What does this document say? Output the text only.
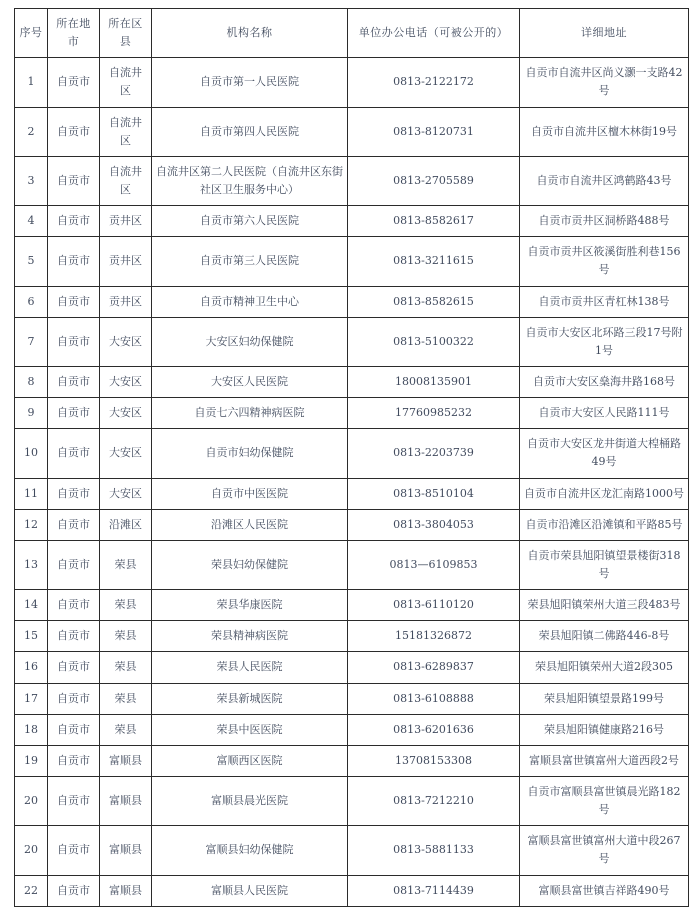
序号	所在地市	所在区县	机构名称	单位办公电话（可被公开的）	详细地址
1	自贡市	自流井区	自贡市第一人民医院	0813-2122172	自贡市自流井区尚义灏一支路42号
2	自贡市	自流井区	自贡市第四人民医院	0813-8120731	自贡市自流井区檀木林街19号
3	自贡市	自流井区	自流井区第二人民医院（自流井区东街社区卫生服务中心）	0813-2705589	自贡市自流井区鸿鹤路43号
4	自贡市	贡井区	自贡市第六人民医院	0813-8582617	自贡市贡井区洞桥路488号
5	自贡市	贡井区	自贡市第三人民医院	0813-3211615	自贡市贡井区筱溪街胜利巷156号
6	自贡市	贡井区	自贡市精神卫生中心	0813-8582615	自贡市贡井区青杠林138号
7	自贡市	大安区	大安区妇幼保健院	0813-5100322	自贡市大安区北环路三段17号附1号
8	自贡市	大安区	大安区人民医院	18008135901	自贡市大安区燊海井路168号
9	自贡市	大安区	自贡七六四精神病医院	17760985232	自贡市大安区人民路111号
10	自贡市	大安区	自贡市妇幼保健院	0813-2203739	自贡市大安区龙井街道大楻桶路49号
11	自贡市	大安区	自贡市中医医院	0813-8510104	自贡市自流井区龙汇南路1000号
12	自贡市	沿滩区	沿滩区人民医院	0813-3804053	自贡市沿滩区沿滩镇和平路85号
13	自贡市	荣县	荣县妇幼保健院	0813—6109853	自贡市荣县旭阳镇望景楼街318号
14	自贡市	荣县	荣县华康医院	0813-6110120	荣县旭阳镇荣州大道三段483号
15	自贡市	荣县	荣县精神病医院	15181326872	荣县旭阳镇二佛路446-8号
16	自贡市	荣县	荣县人民医院	0813-6289837	荣县旭阳镇荣州大道2段305
17	自贡市	荣县	荣县新城医院	0813-6108888	荣县旭阳镇望景路199号
18	自贡市	荣县	荣县中医医院	0813-6201636	荣县旭阳镇健康路216号
19	自贡市	富顺县	富顺西区医院	13708153308	富顺县富世镇富州大道西段2号
20	自贡市	富顺县	富顺县晨光医院	0813-7212210	自贡市富顺县富世镇晨光路182号
20	自贡市	富顺县	富顺县妇幼保健院	0813-5881133	富顺县富世镇富州大道中段267号
22	自贡市	富顺县	富顺县人民医院	0813-7114439	富顺县富世镇吉祥路490号
